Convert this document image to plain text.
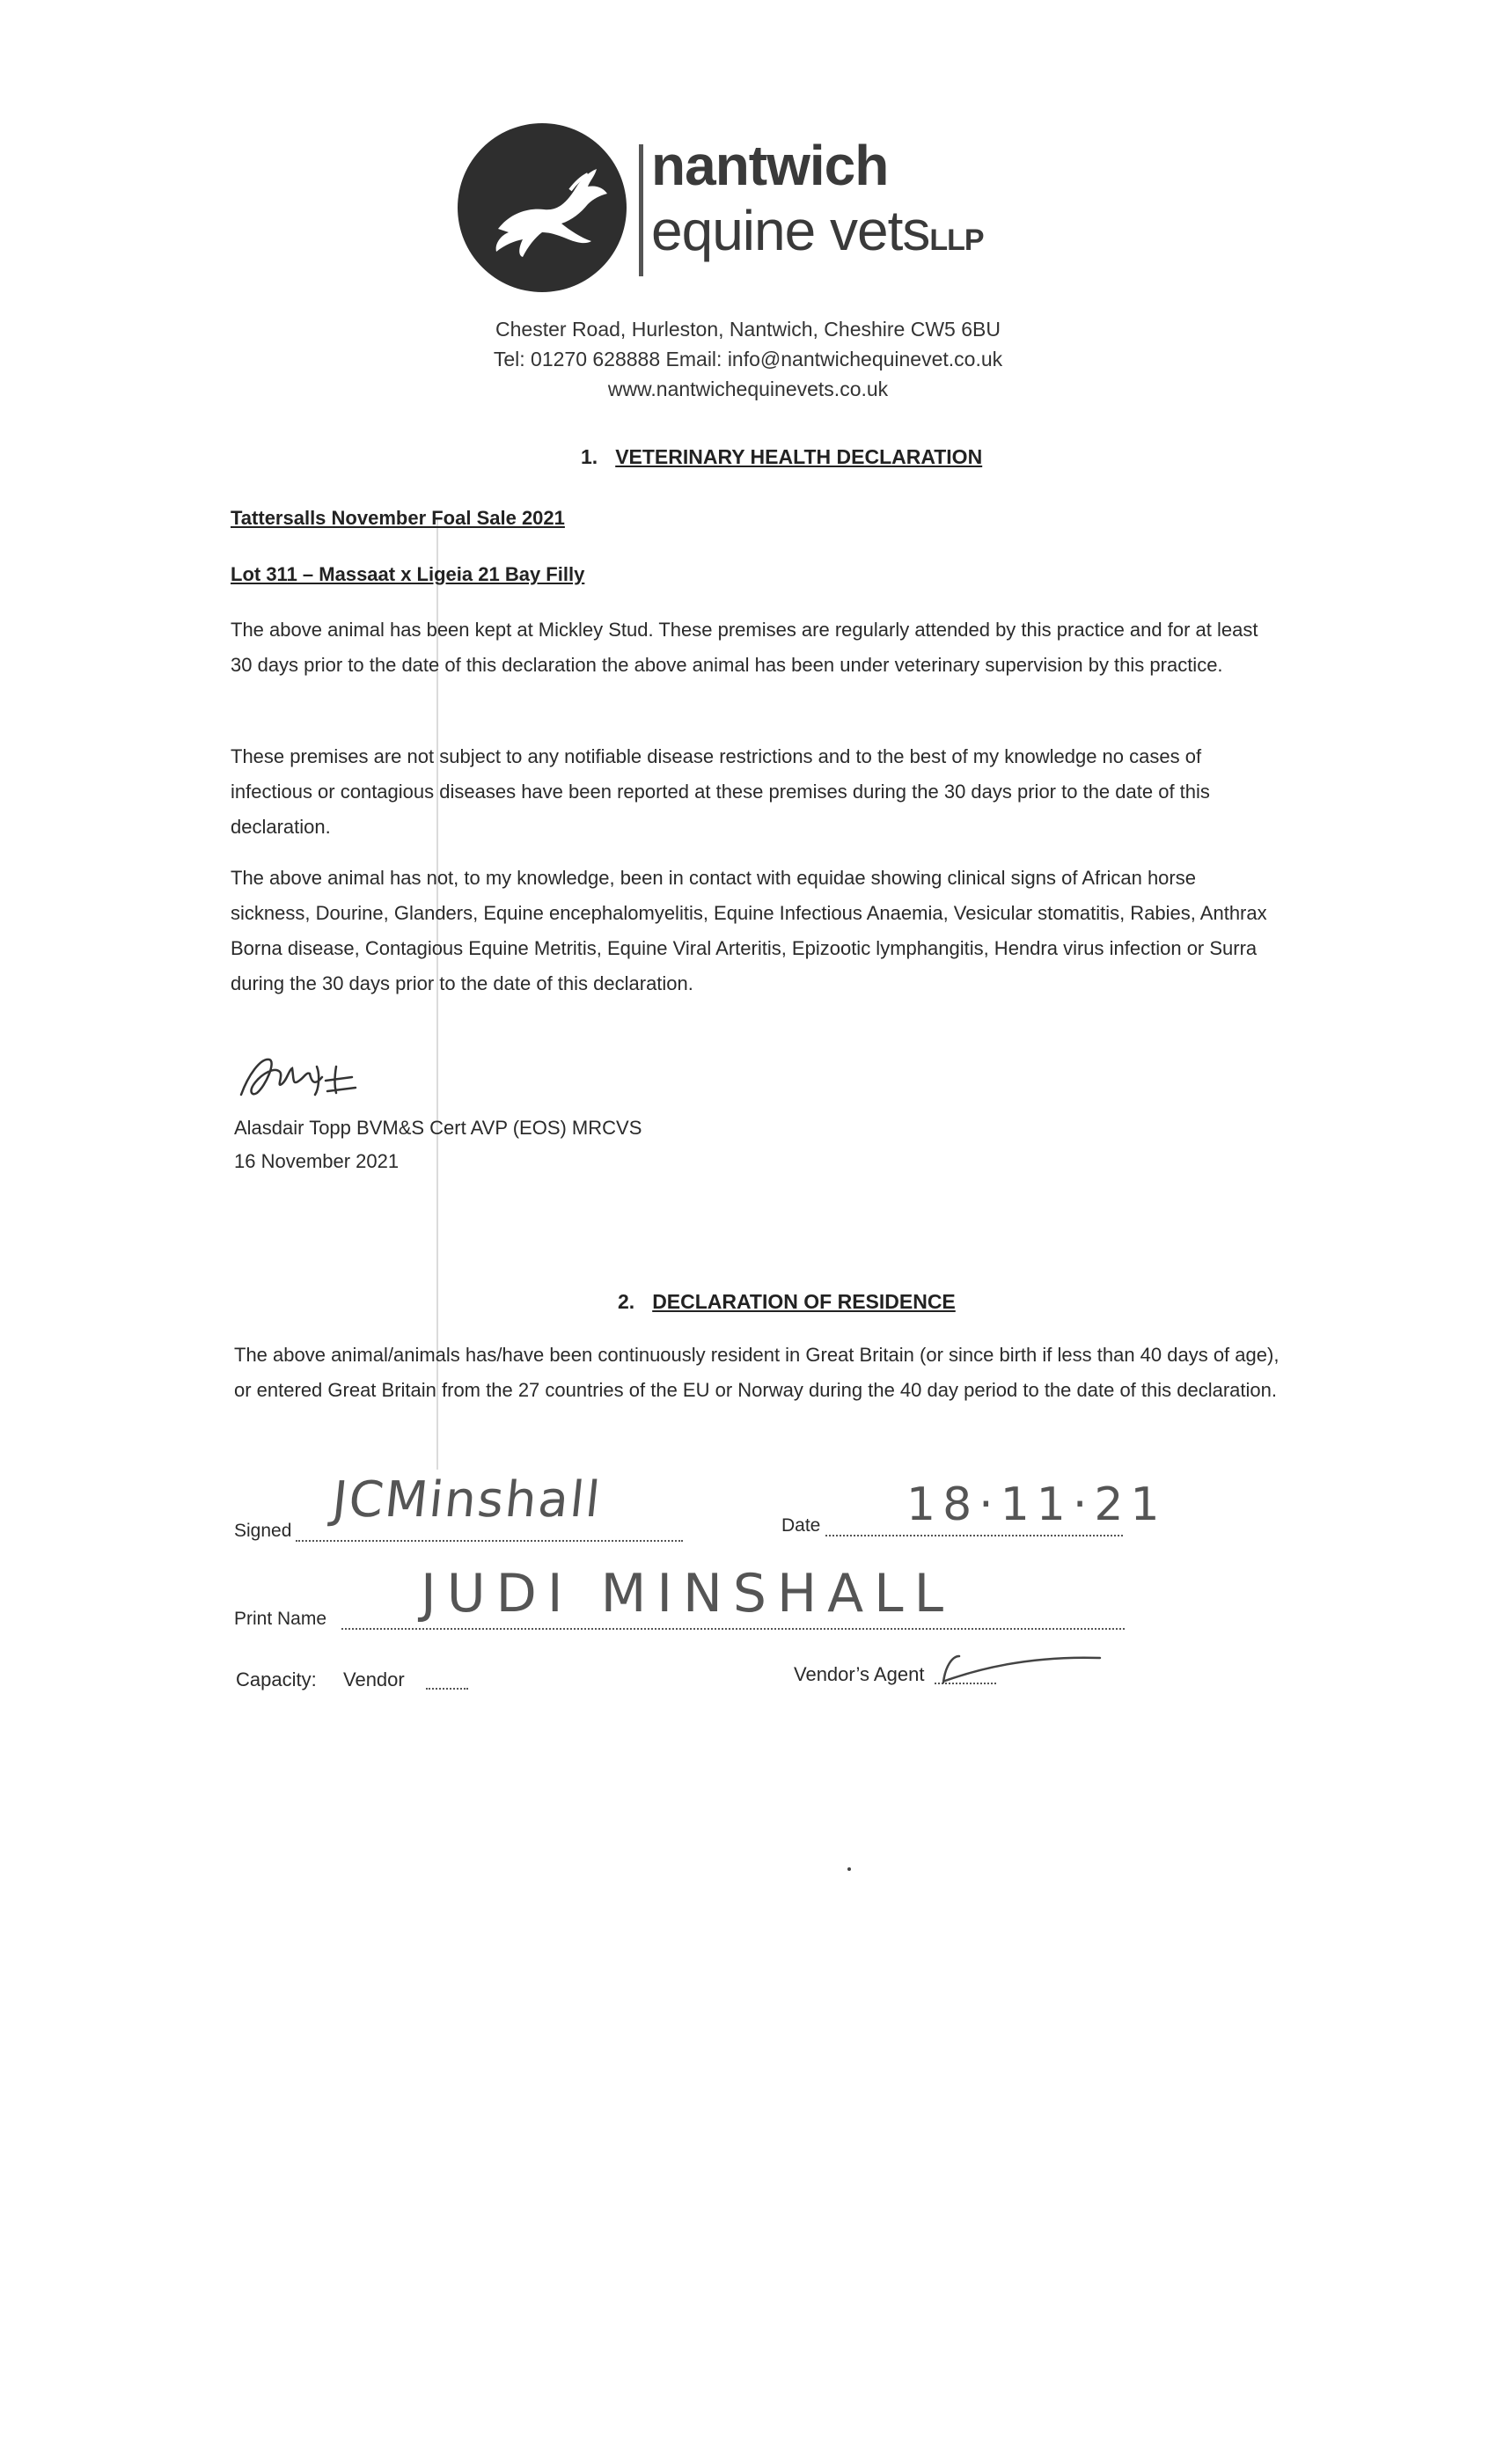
nantwich
equine vetsLLP
Chester Road, Hurleston, Nantwich, Cheshire CW5 6BU
Tel: 01270 628888 Email: info@nantwichequinevet.co.uk
www.nantwichequinevets.co.uk
1. VETERINARY HEALTH DECLARATION
Tattersalls November Foal Sale 2021
Lot 311 – Massaat x Ligeia 21 Bay Filly
The above animal has been kept at Mickley Stud. These premises are regularly attended by this practice and for at least 30 days prior to the date of this declaration the above animal has been under veterinary supervision by this practice.
These premises are not subject to any notifiable disease restrictions and to the best of my knowledge no cases of infectious or contagious diseases have been reported at these premises during the 30 days prior to the date of this declaration.
The above animal has not, to my knowledge, been in contact with equidae showing clinical signs of African horse sickness, Dourine, Glanders, Equine encephalomyelitis, Equine Infectious Anaemia, Vesicular stomatitis, Rabies, Anthrax Borna disease, Contagious Equine Metritis, Equine Viral Arteritis, Epizootic lymphangitis, Hendra virus infection or Surra during the 30 days prior to the date of this declaration.
Alasdair Topp BVM&S Cert AVP (EOS) MRCVS
16 November 2021
2. DECLARATION OF RESIDENCE
The above animal/animals has/have been continuously resident in Great Britain (or since birth if less than 40 days of age), or entered Great Britain from the 27 countries of the EU or Norway during the 40 day period to the date of this declaration.
Signed
JCMinshall	Date 18·11·21
Print Name JUDI MINSHALL
Capacity: Vendor	Vendor’s Agent
